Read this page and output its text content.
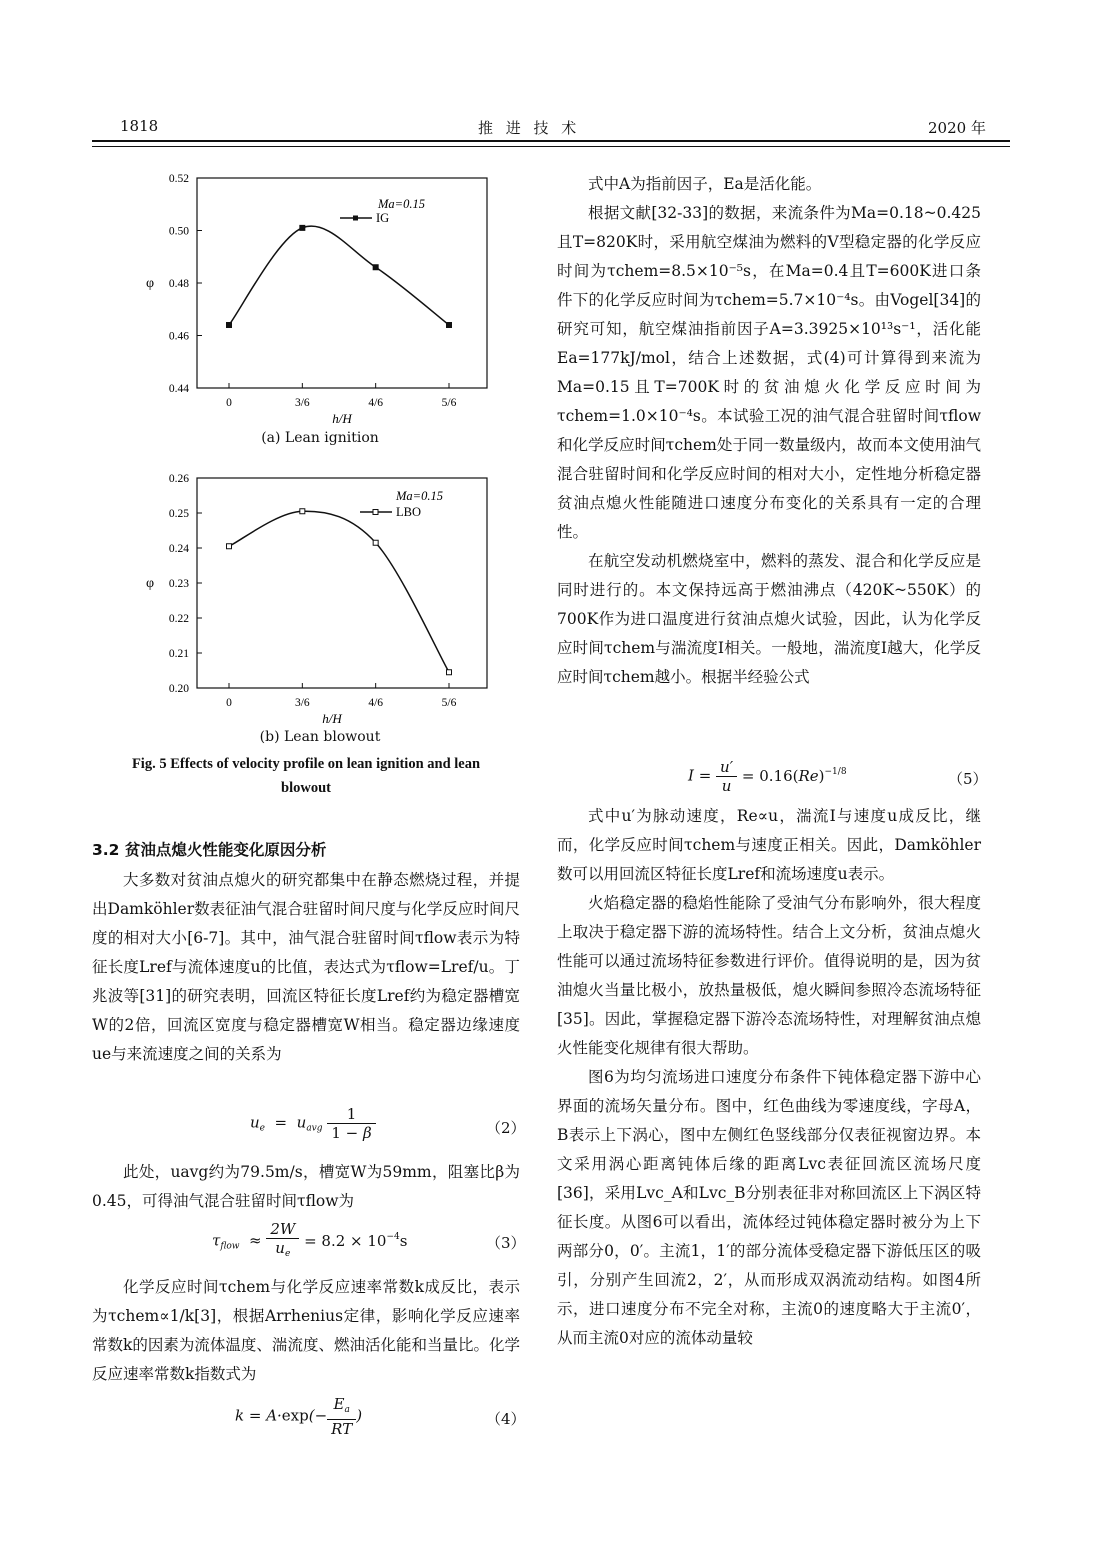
1818	推 进 技 术	2020 年
0.44
0.46
0.48
0.50
0.52
0	3/6	4/6	5/6
φ
h/H
Ma=0.15
IG
(a) Lean ignition
0.20
0.21
0.22
0.23
0.24
0.25
0.26
0	3/6	4/6	5/6
φ
h/H
Ma=0.15
LBO
(b) Lean blowout
Fig. 5 Effects of velocity profile on lean ignition and lean
blowout
3.2 贫油点熄火性能变化原因分析

大多数对贫油点熄火的研究都集中在静态燃烧过程，并提出Damköhler数表征油气混合驻留时间尺度与化学反应时间尺度的相对大小[6-7]。其中，油气混合驻留时间τflow表示为特征长度Lref与流体速度u的比值，表达式为τflow=Lref/u。丁兆波等[31]的研究表明，回流区特征长度Lref约为稳定器槽宽W的2倍，回流区宽度与稳定器槽宽W相当。稳定器边缘速度ue与来流速度之间的关系为

$u_e = u_{avg} \frac{1}{1 - \beta}$	（2）

此处，uavg约为79.5m/s，槽宽W为59mm，阻塞比β为0.45，可得油气混合驻留时间τflow为

$\tau_{flow} \approx \frac{2W}{u_e} = 8.2 \times 10^{-4}s$	（3）

化学反应时间τchem与化学反应速率常数k成反比，表示为τchem∝1/k[3]，根据Arrhenius定律，影响化学反应速率常数k的因素为流体温度、湍流度、燃油活化能和当量比。化学反应速率常数k指数式为

$k = A\cdot\exp(- \frac{E_a}{RT}$ )	（4）

式中A为指前因子，Ea是活化能。

根据文献[32-33]的数据，来流条件为Ma=0.18~0.425且T=820K时，采用航空煤油为燃料的V型稳定器的化学反应时间为τchem=8.5×10⁻⁵s，在Ma=0.4且T=600K进口条件下的化学反应时间为τchem=5.7×10⁻⁴s。由Vogel[34]的研究可知，航空煤油指前因子A=3.3925×10¹³s⁻¹，活化能Ea=177kJ/mol，结合上述数据，式(4)可计算得到来流为Ma=0.15且T=700K时的贫油熄火化学反应时间为τchem=1.0×10⁻⁴s。本试验工况的油气混合驻留时间τflow和化学反应时间τchem处于同一数量级内，故而本文使用油气混合驻留时间和化学反应时间的相对大小，定性地分析稳定器贫油点熄火性能随进口速度分布变化的关系具有一定的合理性。

在航空发动机燃烧室中，燃料的蒸发、混合和化学反应是同时进行的。本文保持远高于燃油沸点（420K~550K）的700K作为进口温度进行贫油点熄火试验，因此，认为化学反应时间τchem与湍流度I相关。一般地，湍流度I越大，化学反应时间τchem越小。根据半经验公式

$I = \frac{u'}{u} = 0.16(Re)^{-1/8}$	（5）

式中u′为脉动速度，Re∝u，湍流I与速度u成反比，继而，化学反应时间τchem与速度正相关。因此，Damköhler数可以用回流区特征长度Lref和流场速度u表示。

火焰稳定器的稳焰性能除了受油气分布影响外，很大程度上取决于稳定器下游的流场特性。结合上文分析，贫油点熄火性能可以通过流场特征参数进行评价。值得说明的是，因为贫油熄火当量比极小，放热量极低，熄火瞬间参照冷态流场特征[35]。因此，掌握稳定器下游冷态流场特性，对理解贫油点熄火性能变化规律有很大帮助。

图6为均匀流场进口速度分布条件下钝体稳定器下游中心界面的流场矢量分布。图中，红色曲线为零速度线，字母A，B表示上下涡心，图中左侧红色竖线部分仅表征视窗边界。本文采用涡心距离钝体后缘的距离Lvc表征回流区流场尺度[36]，采用Lvc_A和Lvc_B分别表征非对称回流区上下涡区特征长度。从图6可以看出，流体经过钝体稳定器时被分为上下两部分0，0′。主流1，1′的部分流体受稳定器下游低压区的吸引，分别产生回流2，2′，从而形成双涡流动结构。如图4所示，进口速度分布不完全对称，主流0的速度略大于主流0′，从而主流0对应的流体动量较
